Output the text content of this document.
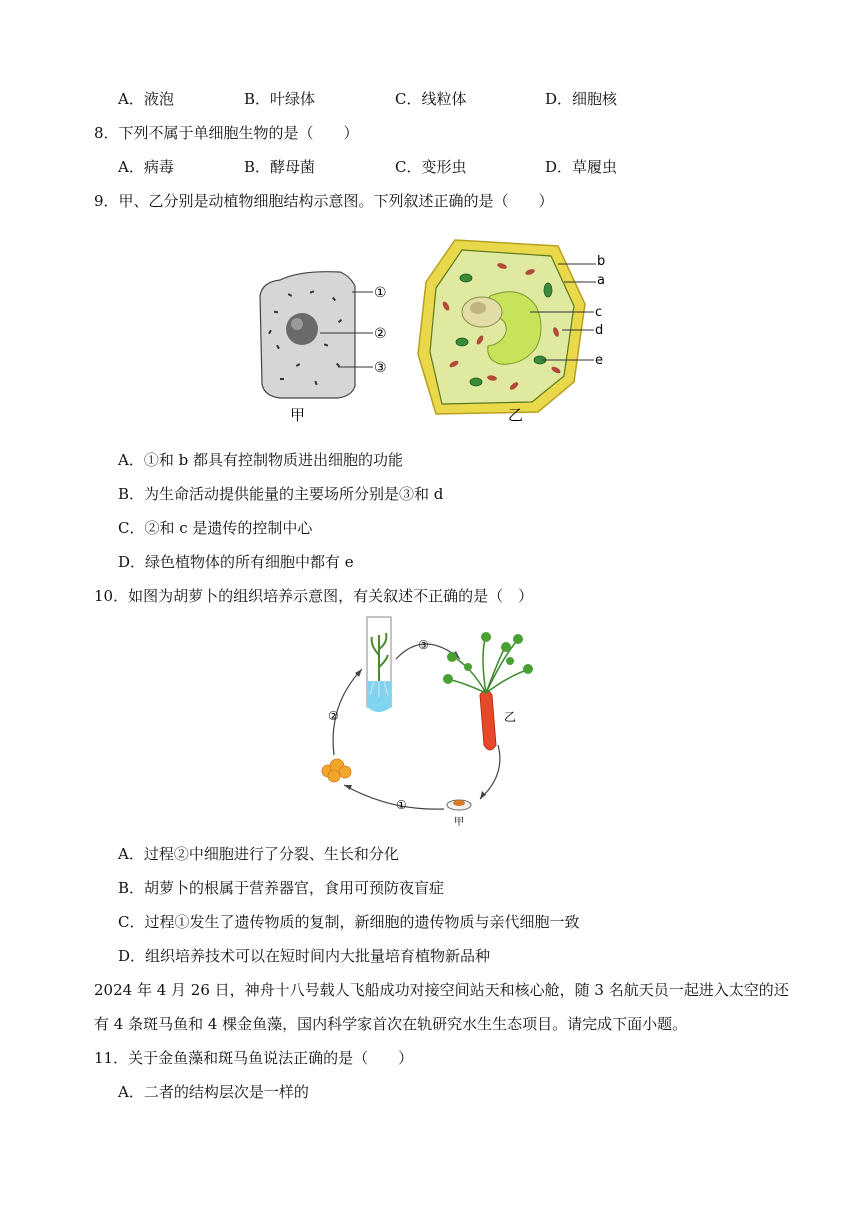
A．液泡	B．叶绿体	C．线粒体	D．细胞核
8．下列不属于单细胞生物的是（　　）
A．病毒	B．酵母菌	C．变形虫	D．草履虫
9．甲、乙分别是动植物细胞结构示意图。下列叙述正确的是（　　）
①
②
③
甲
b
a
c
d
e
乙
A．①和 b 都具有控制物质进出细胞的功能
B．为生命活动提供能量的主要场所分别是③和 d
C．②和 c 是遗传的控制中心
D．绿色植物体的所有细胞中都有 e
10．如图为胡萝卜的组织培养示意图，有关叙述不正确的是（　）
③
②
①
乙
甲
A．过程②中细胞进行了分裂、生长和分化
B．胡萝卜的根属于营养器官，食用可预防夜盲症
C．过程①发生了遗传物质的复制，新细胞的遗传物质与亲代细胞一致
D．组织培养技术可以在短时间内大批量培育植物新品种
2024 年 4 月 26 日，神舟十八号载人飞船成功对接空间站天和核心舱，随 3 名航天员一起进入太空的还
有 4 条斑马鱼和 4 棵金鱼藻，国内科学家首次在轨研究水生生态项目。请完成下面小题。
11．关于金鱼藻和斑马鱼说法正确的是（　　）
A．二者的结构层次是一样的
